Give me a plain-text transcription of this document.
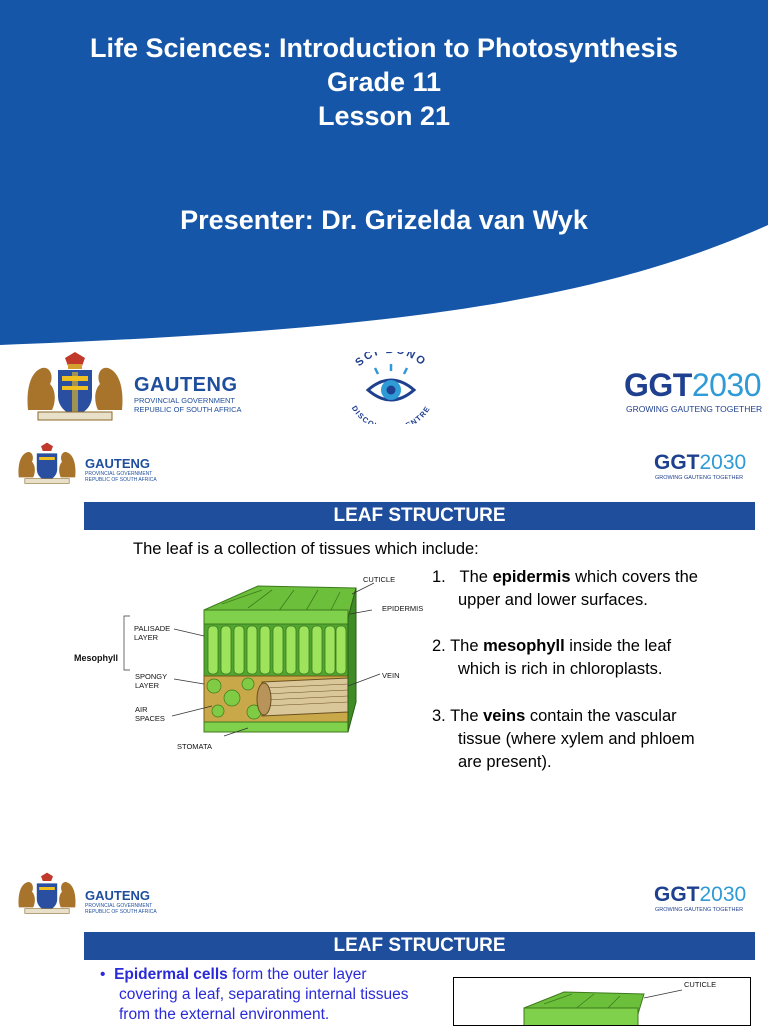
Life Sciences: Introduction to Photosynthesis
Grade 11
Lesson 21
Presenter: Dr. Grizelda van Wyk
GAUTENG
PROVINCIAL GOVERNMENT
REPUBLIC OF SOUTH AFRICA
SCI NO
DISCO NTRE
GGT2030
GROWING GAUTENG TOGETHER
GAUTENG
PROVINCIAL GOVERNMENT
REPUBLIC OF SOUTH AFRICA
GGT2030
GROWING GAUTENG TOGETHER
LEAF STRUCTURE
The leaf is a collection of tissues which include:
CUTICLE
EPIDERMIS
PALISADE
LAYER
Mesophyll
SPONGY
LAYER
VEIN
AIR
SPACES
STOMATA
1. The epidermis which covers the
upper and lower surfaces.
2. The mesophyll inside the leaf
which is rich in chloroplasts.
3. The veins contain the vascular
tissue (where xylem and phloem
are present).
GAUTENG
PROVINCIAL GOVERNMENT
REPUBLIC OF SOUTH AFRICA
GGT2030
GROWING GAUTENG TOGETHER
LEAF STRUCTURE
• Epidermal cells form the outer layer
covering a leaf, separating internal tissues
from the external environment.
CUTICLE
